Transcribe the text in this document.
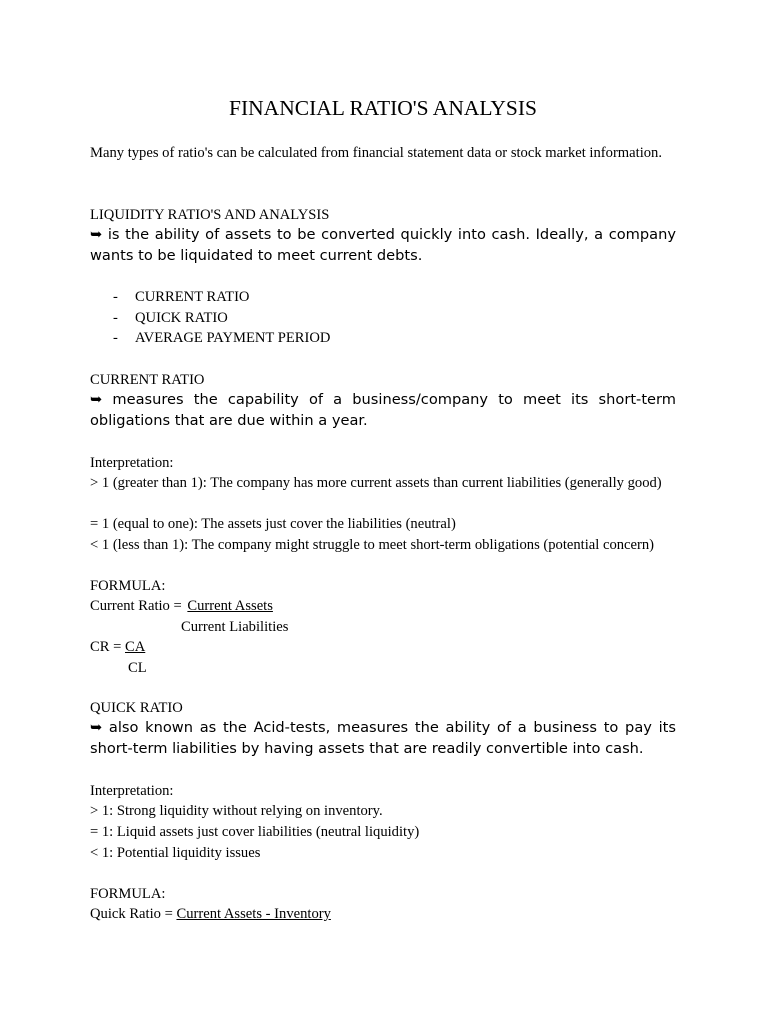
FINANCIAL RATIO'S ANALYSIS

Many types of ratio's can be calculated from financial statement data or stock market information.

LIQUIDITY RATIO'S AND ANALYSIS

➥ is the ability of assets to be converted quickly into cash. Ideally, a company wants to be liquidated to meet current debts.

- CURRENT RATIO
- QUICK RATIO
- AVERAGE PAYMENT PERIOD

CURRENT RATIO

➥ measures the capability of a business/company to meet its short-term obligations that are due within a year.

Interpretation:

> 1 (greater than 1): The company has more current assets than current liabilities (generally good)

= 1 (equal to one): The assets just cover the liabilities (neutral)

< 1 (less than 1): The company might struggle to meet short-term obligations (potential concern)

FORMULA:

Current Ratio = Current Assets
Current Liabilities
CR = CA
CL

QUICK RATIO

➥ also known as the Acid-tests, measures the ability of a business to pay its short-term liabilities by having assets that are readily convertible into cash.

Interpretation:

> 1: Strong liquidity without relying on inventory.

= 1: Liquid assets just cover liabilities (neutral liquidity)

< 1: Potential liquidity issues

FORMULA:

Quick Ratio = Current Assets - Inventory
